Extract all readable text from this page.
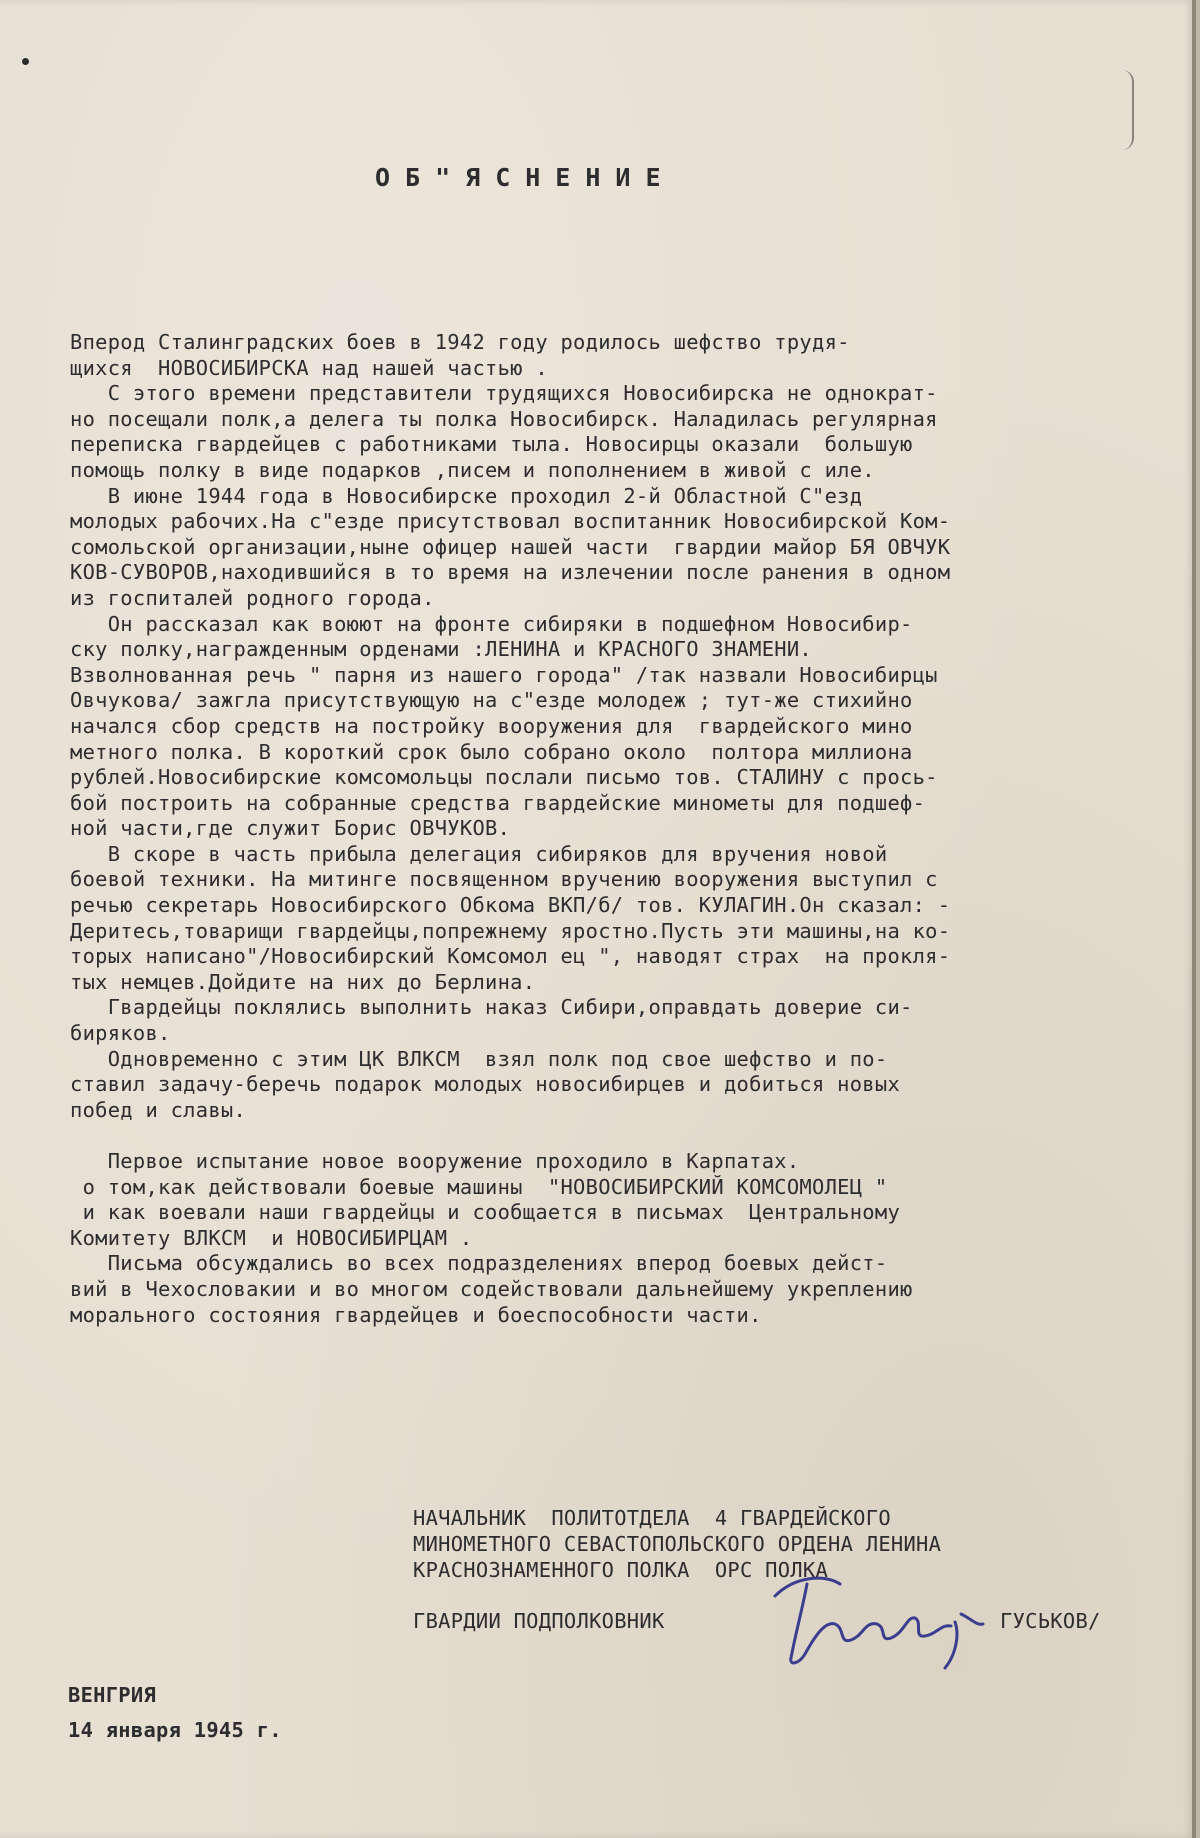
ОБ"ЯСНЕНИЕ
Вперод Сталинградских боев в 1942 году родилось шефство трудя-
щихся  НОВОСИБИРСКА над нашей частью .
С этого времени представители трудящихся Новосибирска не однократ-
но посещали полк,а делега ты полка Новосибирск. Наладилась регулярная
переписка гвардейцев с работниками тыла. Новосирцы оказали  большую
помощь полку в виде подарков ,писем и пополнением в живой с иле.
В июне 1944 года в Новосибирске проходил 2-й Областной С"езд
молодых рабочих.На с"езде присутствовал воспитанник Новосибирской Ком-
сомольской организации,ныне офицер нашей части  гвардии майор БЯ ОВЧУК
КОВ-СУВОРОВ,находившийся в то время на излечении после ранения в одном
из госпиталей родного города.
Он рассказал как воюют на фронте сибиряки в подшефном Новосибир-
ску полку,награжденным орденами :ЛЕНИНА и КРАСНОГО ЗНАМЕНИ.
Взволнованная речь " парня из нашего города" /так назвали Новосибирцы
Овчукова/ зажгла присутствующую на с"езде молодеж ; тут-же стихийно
начался сбор средств на постройку вооружения для  гвардейского мино
метного полка. В короткий срок было собрано около  полтора миллиона
рублей.Новосибирские комсомольцы послали письмо тов. СТАЛИНУ с прось-
бой построить на собранные средства гвардейские минометы для подшеф-
ной части,где служит Борис ОВЧУКОВ.
В скоре в часть прибыла делегация сибиряков для вручения новой
боевой техники. На митинге посвященном вручению вооружения выступил с
речью секретарь Новосибирского Обкома ВКП/б/ тов. КУЛАГИН.Он сказал: -
Деритесь,товарищи гвардейцы,попрежнему яростно.Пусть эти машины,на ко-
торых написано"/Новосибирский Комсомол ец ", наводят страх  на прокля-
тых немцев.Дойдите на них до Берлина.
Гвардейцы поклялись выполнить наказ Сибири,оправдать доверие си-
биряков.
Одновременно с этим ЦК ВЛКСМ  взял полк под свое шефство и по-
ставил задачу-беречь подарок молодых новосибирцев и добиться новых
побед и славы.

Первое испытание новое вооружение проходило в Карпатах.
о том,как действовали боевые машины  "НОВОСИБИРСКИЙ КОМСОМОЛЕЦ "
и как воевали наши гвардейцы и сообщается в письмах  Центральному
Комитету ВЛКСМ  и НОВОСИБИРЦАМ .
Письма обсуждались во всех подразделениях вперод боевых дейст-
вий в Чехословакии и во многом содействовали дальнейшему укреплению
морального состояния гвардейцев и боеспособности части.
НАЧАЛЬНИК  ПОЛИТОТДЕЛА  4 ГВАРДЕЙСКОГО
МИНОМЕТНОГО СЕВАСТОПОЛЬСКОГО ОРДЕНА ЛЕНИНА
КРАСНОЗНАМЕННОГО ПОЛКА  ОРС ПОЛКА
ГВАРДИИ ПОДПОЛКОВНИК	ГУСЬКОВ/
ВЕНГРИЯ
14 января 1945 г.
